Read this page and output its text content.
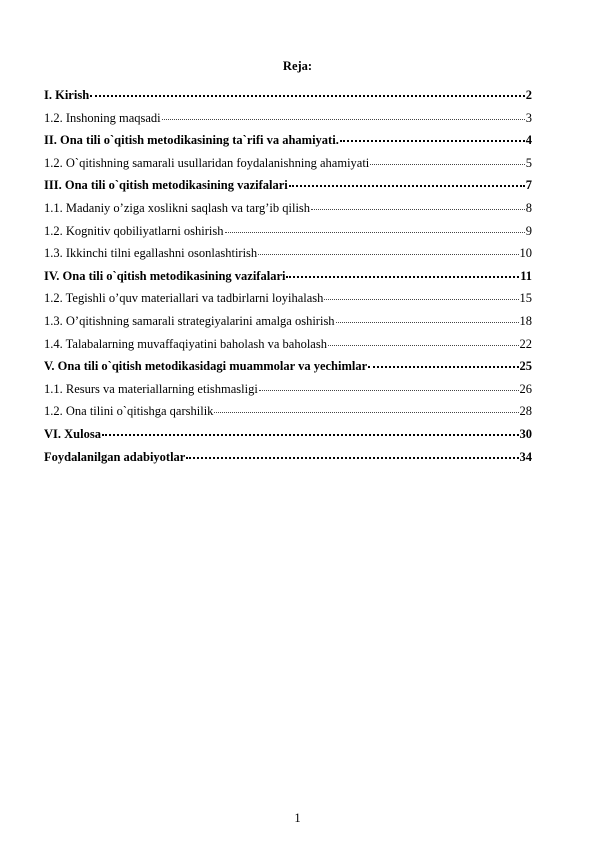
Reja:
I. Kirish	2
1.2. Inshoning maqsadi	3
II. Ona tili o`qitish metodikasining ta`rifi va ahamiyati.	4
1.2. O`qitishning samarali usullaridan foydalanishning ahamiyati	5
III. Ona tili o`qitish metodikasining vazifalari	7
1.1. Madaniy o’ziga xoslikni saqlash va targ’ib qilish	8
1.2. Kognitiv qobiliyatlarni oshirish	9
1.3. Ikkinchi tilni egallashni osonlashtirish	10
IV. Ona tili o`qitish metodikasining vazifalari	11
1.2. Tegishli o’quv materiallari va tadbirlarni loyihalash	15
1.3. O’qitishning samarali strategiyalarini amalga oshirish	18
1.4. Talabalarning muvaffaqiyatini baholash va baholash	22
V. Ona tili o`qitish metodikasidagi muammolar va yechimlar	25
1.1. Resurs va materiallarning etishmasligi	26
1.2. Ona tilini o`qitishga qarshilik	28
VI. Xulosa	30
Foydalanilgan adabiyotlar	34
1
